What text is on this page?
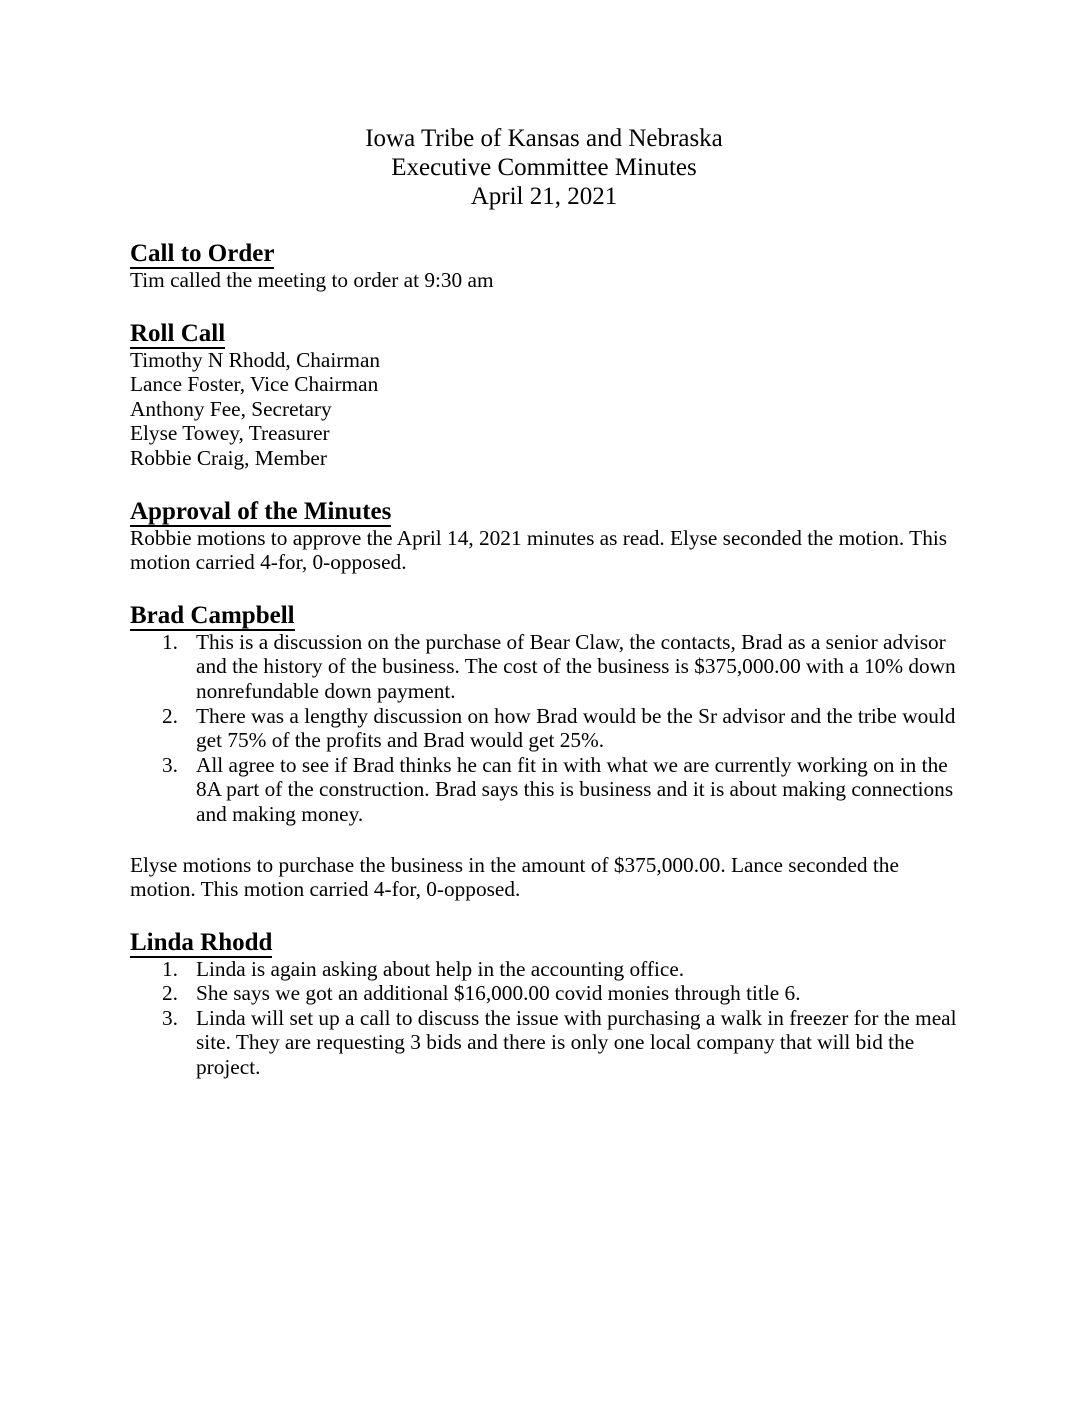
Iowa Tribe of Kansas and Nebraska
Executive Committee Minutes
April 21, 2021
Call to Order

Tim called the meeting to order at 9:30 am

Roll Call

Timothy N Rhodd, Chairman

Lance Foster, Vice Chairman

Anthony Fee, Secretary

Elyse Towey, Treasurer

Robbie Craig, Member

Approval of the Minutes

Robbie motions to approve the April 14, 2021 minutes as read. Elyse seconded the motion. This motion carried 4-for, 0-opposed.

Brad Campbell
1. This is a discussion on the purchase of Bear Claw, the contacts, Brad as a senior advisor and the history of the business. The cost of the business is $375,000.00 with a 10% down nonrefundable down payment.
2. There was a lengthy discussion on how Brad would be the Sr advisor and the tribe would get 75% of the profits and Brad would get 25%.
3. All agree to see if Brad thinks he can fit in with what we are currently working on in the 8A part of the construction. Brad says this is business and it is about making connections and making money.

Elyse motions to purchase the business in the amount of $375,000.00. Lance seconded the motion. This motion carried 4-for, 0-opposed.

Linda Rhodd
1. Linda is again asking about help in the accounting office.
2. She says we got an additional $16,000.00 covid monies through title 6.
3. Linda will set up a call to discuss the issue with purchasing a walk in freezer for the meal site. They are requesting 3 bids and there is only one local company that will bid the project.
